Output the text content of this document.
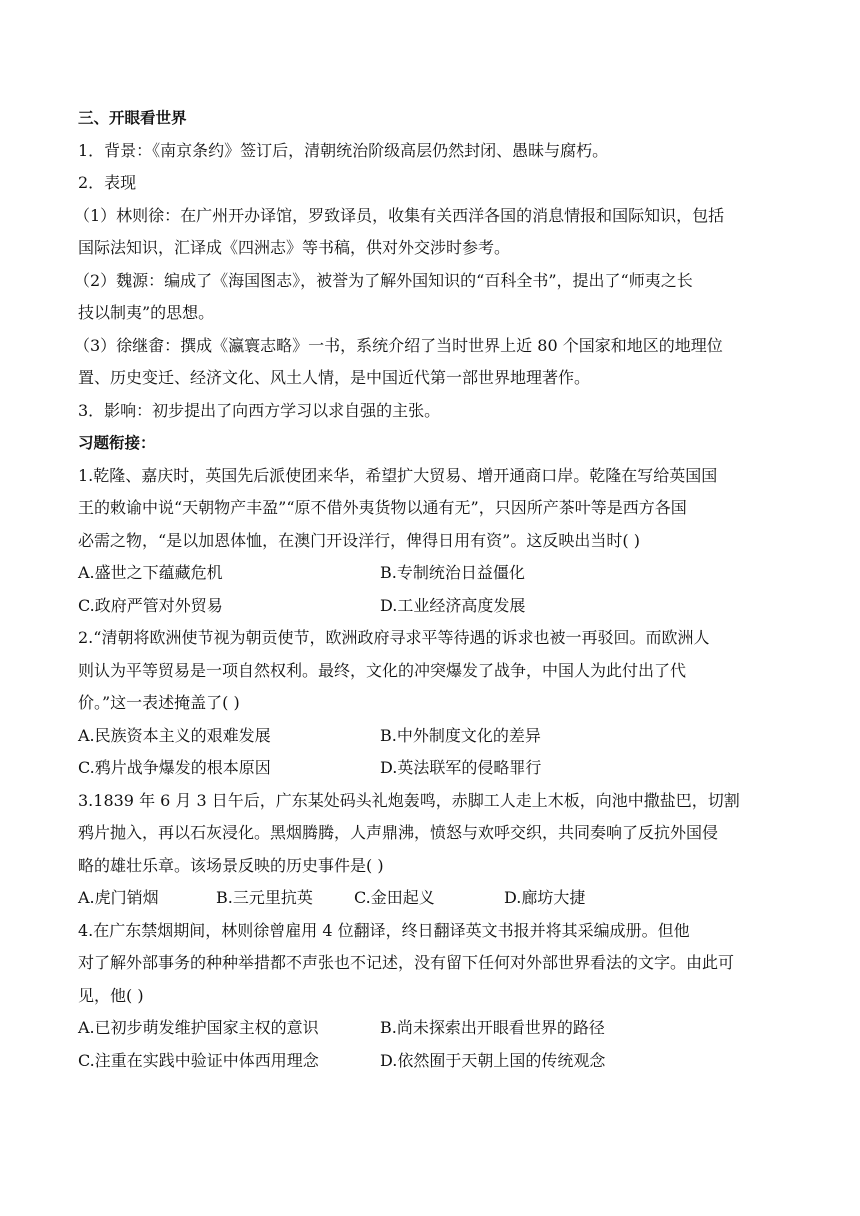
三、开眼看世界
1．背景：《南京条约》签订后，清朝统治阶级高层仍然封闭、愚昧与腐朽。
2．表现
（1）林则徐：在广州开办译馆，罗致译员，收集有关西洋各国的消息情报和国际知识，包括
国际法知识，汇译成《四洲志》等书稿，供对外交涉时参考。
（2）魏源：编成了《海国图志》，被誉为了解外国知识的“百科全书”，提出了“师夷之长
技以制夷”的思想。
（3）徐继畬：撰成《瀛寰志略》一书，系统介绍了当时世界上近 80 个国家和地区的地理位
置、历史变迁、经济文化、风土人情，是中国近代第一部世界地理著作。
3．影响：初步提出了向西方学习以求自强的主张。
习题衔接：
1.乾隆、嘉庆时，英国先后派使团来华，希望扩大贸易、增开通商口岸。乾隆在写给英国国
王的敕谕中说“天朝物产丰盈”“原不借外夷货物以通有无”，只因所产茶叶等是西方各国
必需之物，“是以加恩体恤，在澳门开设洋行，俾得日用有资”。这反映出当时( )
A.盛世之下蕴藏危机	B.专制统治日益僵化
C.政府严管对外贸易	D.工业经济高度发展
2.“清朝将欧洲使节视为朝贡使节，欧洲政府寻求平等待遇的诉求也被一再驳回。而欧洲人
则认为平等贸易是一项自然权利。最终，文化的冲突爆发了战争，中国人为此付出了代
价。”这一表述掩盖了( )
A.民族资本主义的艰难发展	B.中外制度文化的差异
C.鸦片战争爆发的根本原因	D.英法联军的侵略罪行
3.1839 年 6 月 3 日午后，广东某处码头礼炮轰鸣，赤脚工人走上木板，向池中撒盐巴，切割
鸦片抛入，再以石灰浸化。黑烟腾腾，人声鼎沸，愤怒与欢呼交织，共同奏响了反抗外国侵
略的雄壮乐章。该场景反映的历史事件是( )
A.虎门销烟	B.三元里抗英	C.金田起义	D.廊坊大捷
4.在广东禁烟期间，林则徐曾雇用 4 位翻译，终日翻译英文书报并将其采编成册。但他
对了解外部事务的种种举措都不声张也不记述，没有留下任何对外部世界看法的文字。由此可
见，他( )
A.已初步萌发维护国家主权的意识	B.尚未探索出开眼看世界的路径
C.注重在实践中验证中体西用理念	D.依然囿于天朝上国的传统观念
